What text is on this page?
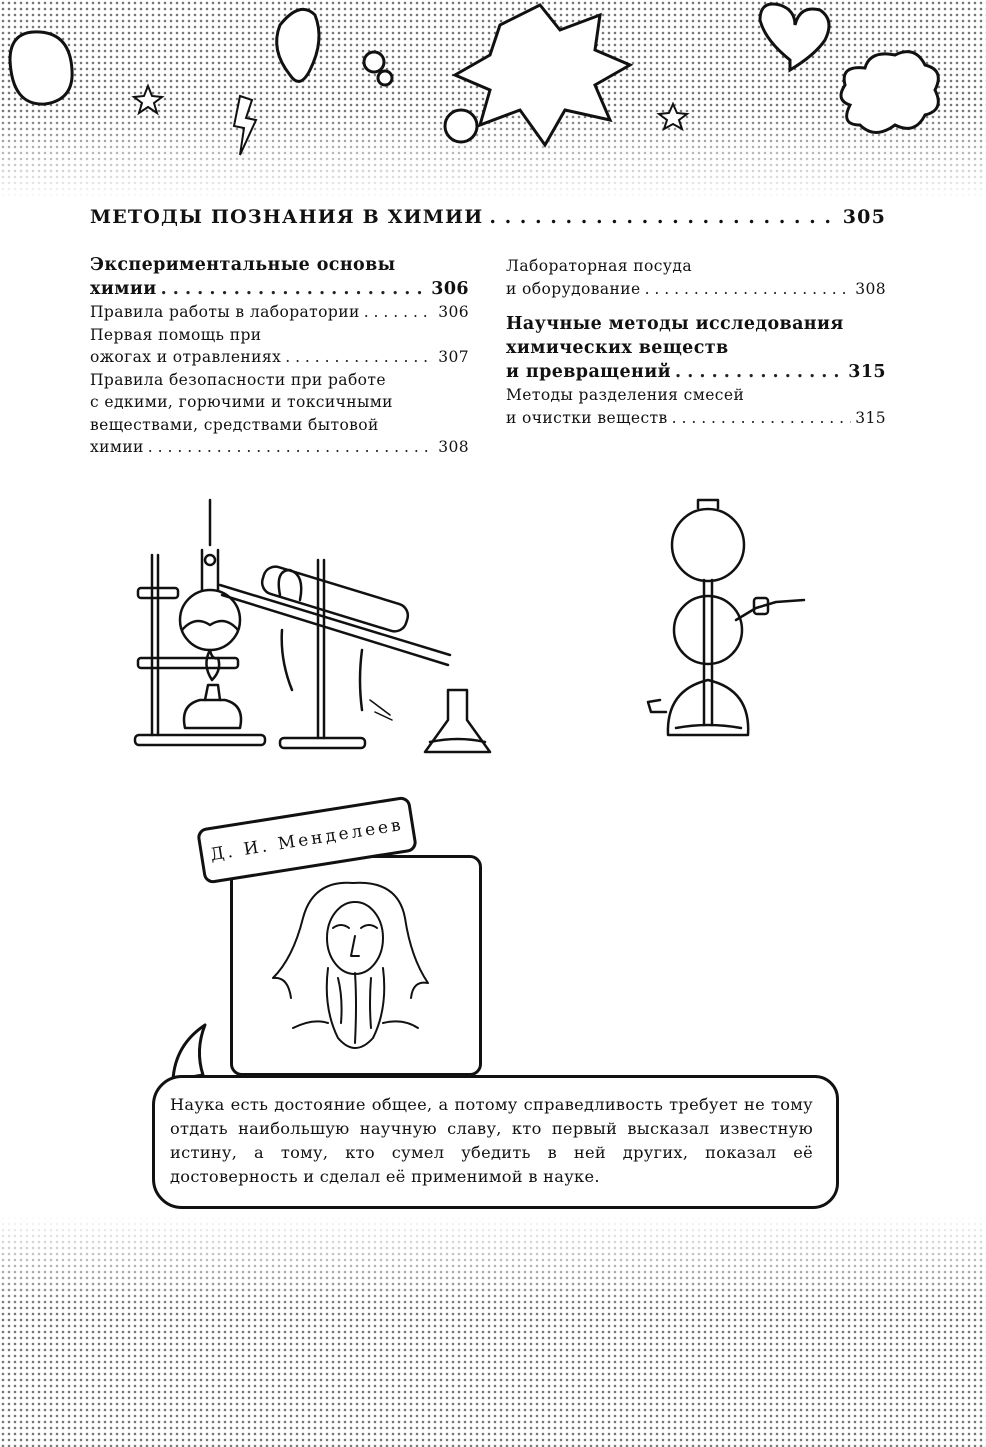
МЕТОДЫ ПОЗНАНИЯ В ХИМИИ . . .	305
Экспериментальные основы
химии . . .	306
Правила работы в лаборатории . . .	306
Первая помощь при
ожогах и отравлениях . . .	307
Правила безопасности при работе
с едкими, горючими и токсичными
веществами, средствами бытовой
химии . . .	308
Лабораторная посуда
и оборудование . . .	308
Научные методы исследования
химических веществ
и превращений . . .	315
Методы разделения смесей
и очистки веществ . . .	315
Д. И. Менделеев
Наука есть достояние общее, а потому справедливость требует не тому отдать наибольшую научную славу, кто первый высказал известную истину, а тому, кто сумел убедить в ней других, показал её достоверность и сделал её применимой в науке.
